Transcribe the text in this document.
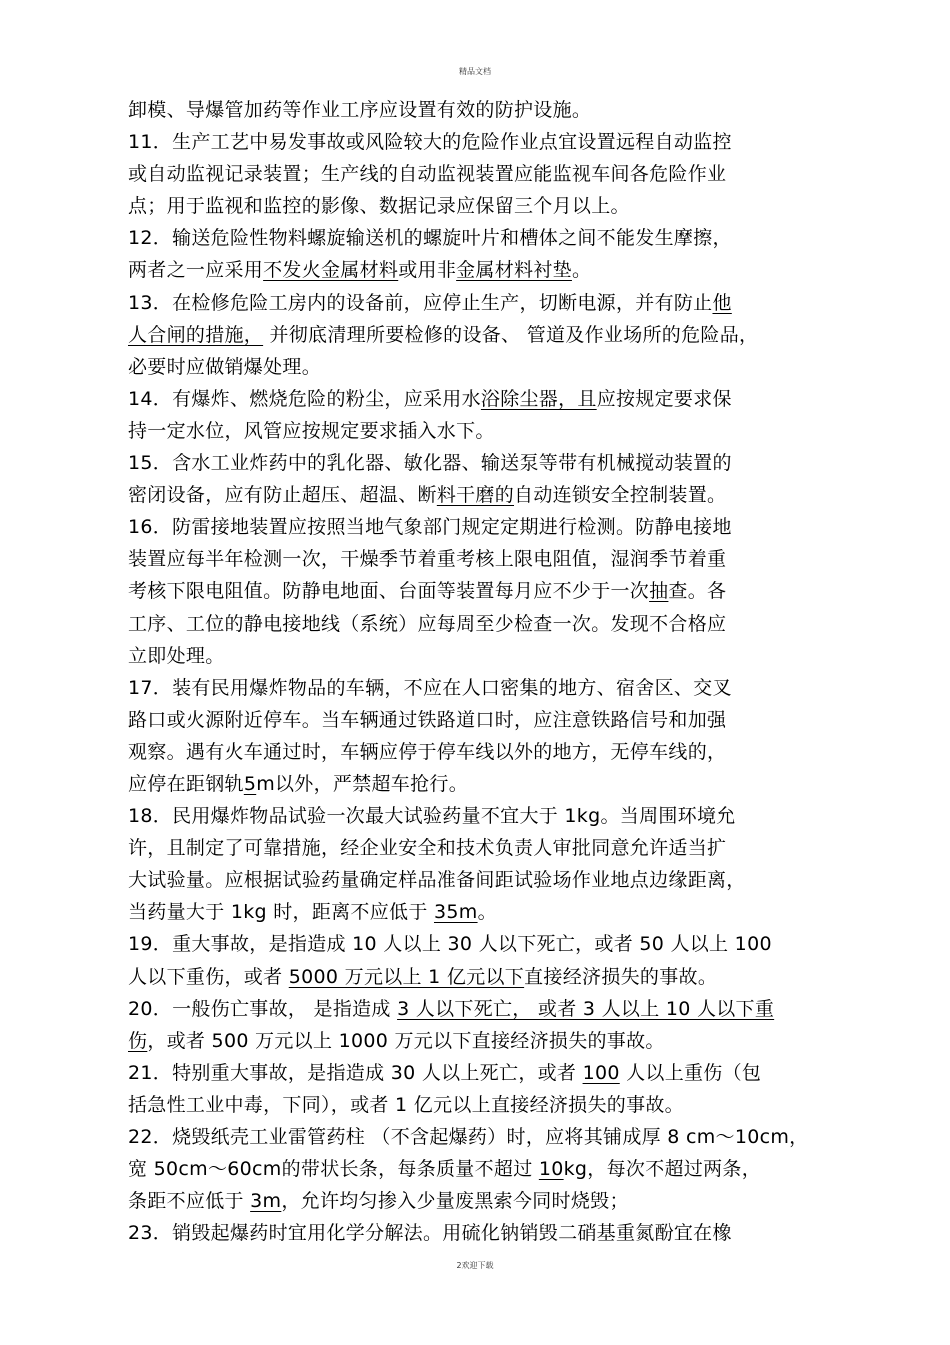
精品文档
卸模、导爆管加药等作业工序应设置有效的防护设施。
11．生产工艺中易发事故或风险较大的危险作业点宜设置远程自动监控
或自动监视记录装置；生产线的自动监视装置应能监视车间各危险作业
点；用于监视和监控的影像、数据记录应保留三个月以上。
12．输送危险性物料螺旋输送机的螺旋叶片和槽体之间不能发生摩擦，
两者之一应采用不发火金属材料或用非金属材料衬垫。
13．在检修危险工房内的设备前，应停止生产，切断电源，并有防止他
人合闸的措施， 并彻底清理所要检修的设备、 管道及作业场所的危险品，
必要时应做销爆处理。
14．有爆炸、燃烧危险的粉尘，应采用水浴除尘器，且应按规定要求保
持一定水位，风管应按规定要求插入水下。
15．含水工业炸药中的乳化器、敏化器、输送泵等带有机械搅动装置的
密闭设备，应有防止超压、超温、断料干磨的自动连锁安全控制装置。
16．防雷接地装置应按照当地气象部门规定定期进行检测。防静电接地
装置应每半年检测一次，干燥季节着重考核上限电阻值，湿润季节着重
考核下限电阻值。防静电地面、台面等装置每月应不少于一次抽查。各
工序、工位的静电接地线（系统）应每周至少检查一次。发现不合格应
立即处理。
17．装有民用爆炸物品的车辆，不应在人口密集的地方、宿舍区、交叉
路口或火源附近停车。当车辆通过铁路道口时，应注意铁路信号和加强
观察。遇有火车通过时，车辆应停于停车线以外的地方，无停车线的，
应停在距钢轨5m以外，严禁超车抢行。
18．民用爆炸物品试验一次最大试验药量不宜大于 1kg。当周围环境允
许，且制定了可靠措施，经企业安全和技术负责人审批同意允许适当扩
大试验量。应根据试验药量确定样品准备间距试验场作业地点边缘距离，
当药量大于 1kg 时，距离不应低于 35m。
19．重大事故，是指造成 10 人以上 30 人以下死亡，或者 50 人以上 100
人以下重伤，或者 5000 万元以上 1 亿元以下直接经济损失的事故。
20．一般伤亡事故， 是指造成 3 人以下死亡， 或者 3 人以上 10 人以下重
伤，或者 500 万元以上 1000 万元以下直接经济损失的事故。
21．特别重大事故，是指造成 30 人以上死亡，或者 100 人以上重伤（包
括急性工业中毒，下同），或者 1 亿元以上直接经济损失的事故。
22．烧毁纸壳工业雷管药柱 （不含起爆药）时，应将其铺成厚 8 cm～10cm，
宽 50cm～60cm的带状长条，每条质量不超过 10kg，每次不超过两条，
条距不应低于 3m，允许均匀掺入少量废黑索今同时烧毁；
23．销毁起爆药时宜用化学分解法。用硫化钠销毁二硝基重氮酚宜在橡
2欢迎下载
